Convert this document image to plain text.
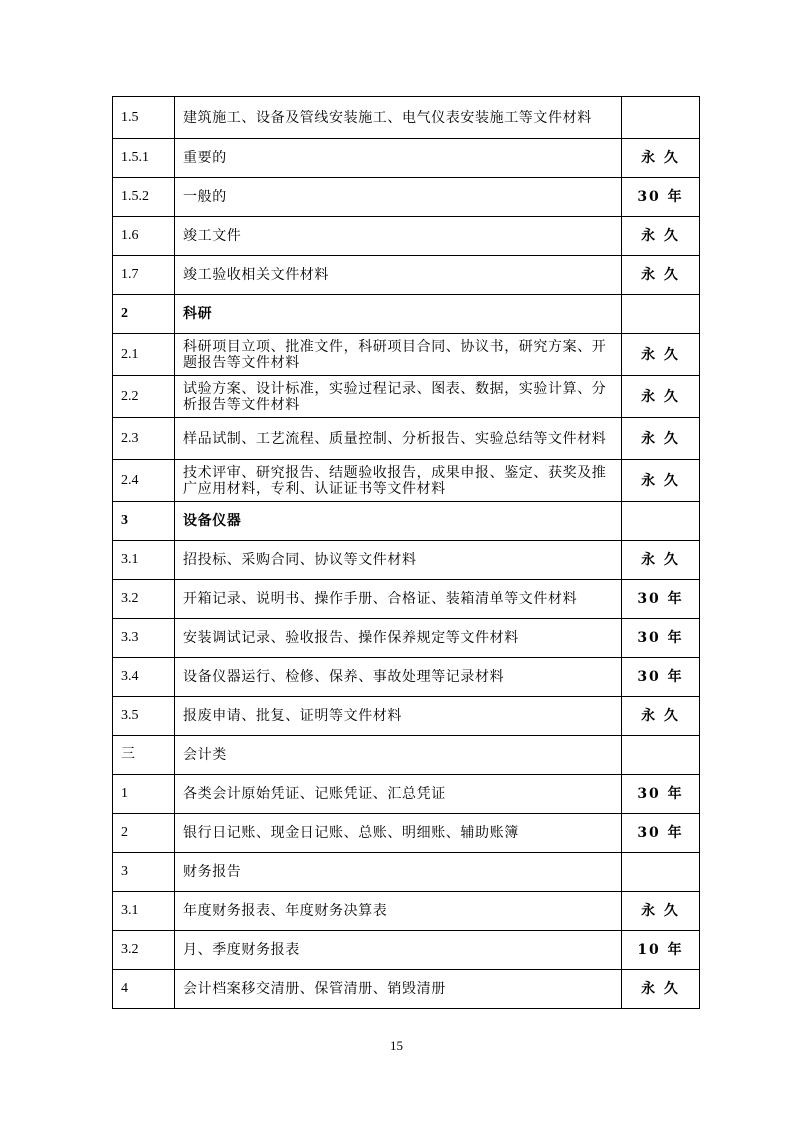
1.5	建筑施工、设备及管线安装施工、电气仪表安装施工等文件材料	
1.5.1	重要的	永 久
1.5.2	一般的	30 年
1.6	竣工文件	永 久
1.7	竣工验收相关文件材料	永 久
2	科研	
2.1	科研项目立项、批准文件，科研项目合同、协议书，研究方案、开题报告等文件材料	永 久
2.2	试验方案、设计标准，实验过程记录、图表、数据，实验计算、分析报告等文件材料	永 久
2.3	样品试制、工艺流程、质量控制、分析报告、实验总结等文件材料	永 久
2.4	技术评审、研究报告、结题验收报告，成果申报、鉴定、获奖及推广应用材料，专利、认证证书等文件材料	永 久
3	设备仪器	
3.1	招投标、采购合同、协议等文件材料	永 久
3.2	开箱记录、说明书、操作手册、合格证、装箱清单等文件材料	30 年
3.3	安装调试记录、验收报告、操作保养规定等文件材料	30 年
3.4	设备仪器运行、检修、保养、事故处理等记录材料	30 年
3.5	报废申请、批复、证明等文件材料	永 久
三	会计类	
1	各类会计原始凭证、记账凭证、汇总凭证	30 年
2	银行日记账、现金日记账、总账、明细账、辅助账簿	30 年
3	财务报告	
3.1	年度财务报表、年度财务决算表	永 久
3.2	月、季度财务报表	10 年
4	会计档案移交清册、保管清册、销毁清册	永 久
15
